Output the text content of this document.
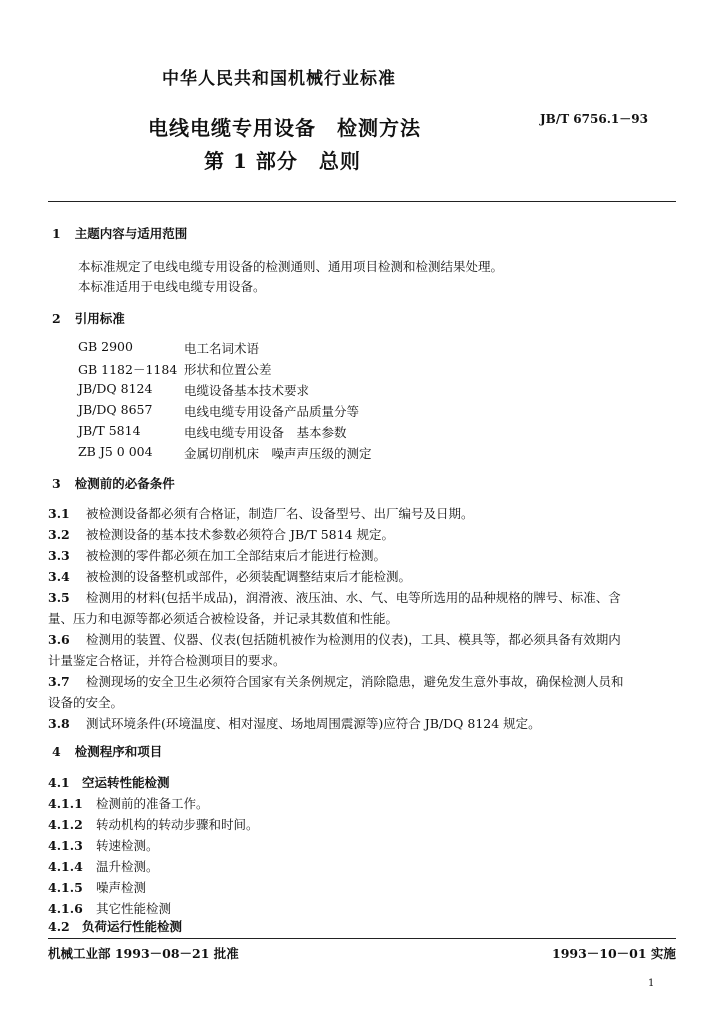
中华人民共和国机械行业标准
电线电缆专用设备　检测方法
第 1 部分　总则
JB/T 6756.1－93
1 主题内容与适用范围
本标准规定了电线电缆专用设备的检测通则、通用项目检测和检测结果处理。
本标准适用于电线电缆专用设备。
2 引用标准
GB 2900	电工名词术语
GB 1182－1184 形状和位置公差
JB/DQ 8124	电缆设备基本技术要求
JB/DQ 8657	电线电缆专用设备产品质量分等
JB/T 5814	电线电缆专用设备　基本参数
ZB J5 0 004	金属切削机床　噪声声压级的测定
3 检测前的必备条件
3.1 被检测设备都必须有合格证，制造厂名、设备型号、出厂编号及日期。
3.2 被检测设备的基本技术参数必须符合 JB/T 5814 规定。
3.3 被检测的零件都必须在加工全部结束后才能进行检测。
3.4 被检测的设备整机或部件，必须装配调整结束后才能检测。
3.5 检测用的材料(包括半成品)，润滑液、液压油、水、气、电等所选用的品种规格的牌号、标准、含
量、压力和电源等都必须适合被检设备，并记录其数值和性能。
3.6 检测用的装置、仪器、仪表(包括随机被作为检测用的仪表)，工具、模具等，都必须具备有效期内
计量鉴定合格证，并符合检测项目的要求。
3.7 检测现场的安全卫生必须符合国家有关条例规定，消除隐患，避免发生意外事故，确保检测人员和
设备的安全。
3.8 测试环境条件(环境温度、相对湿度、场地周围震源等)应符合 JB/DQ 8124 规定。
4 检测程序和项目
4.1 空运转性能检测
4.1.1 检测前的准备工作。
4.1.2 转动机构的转动步骤和时间。
4.1.3 转速检测。
4.1.4 温升检测。
4.1.5 噪声检测
4.1.6 其它性能检测
4.2 负荷运行性能检测
机械工业部 1993－08－21 批准	1993－10－01 实施
1
